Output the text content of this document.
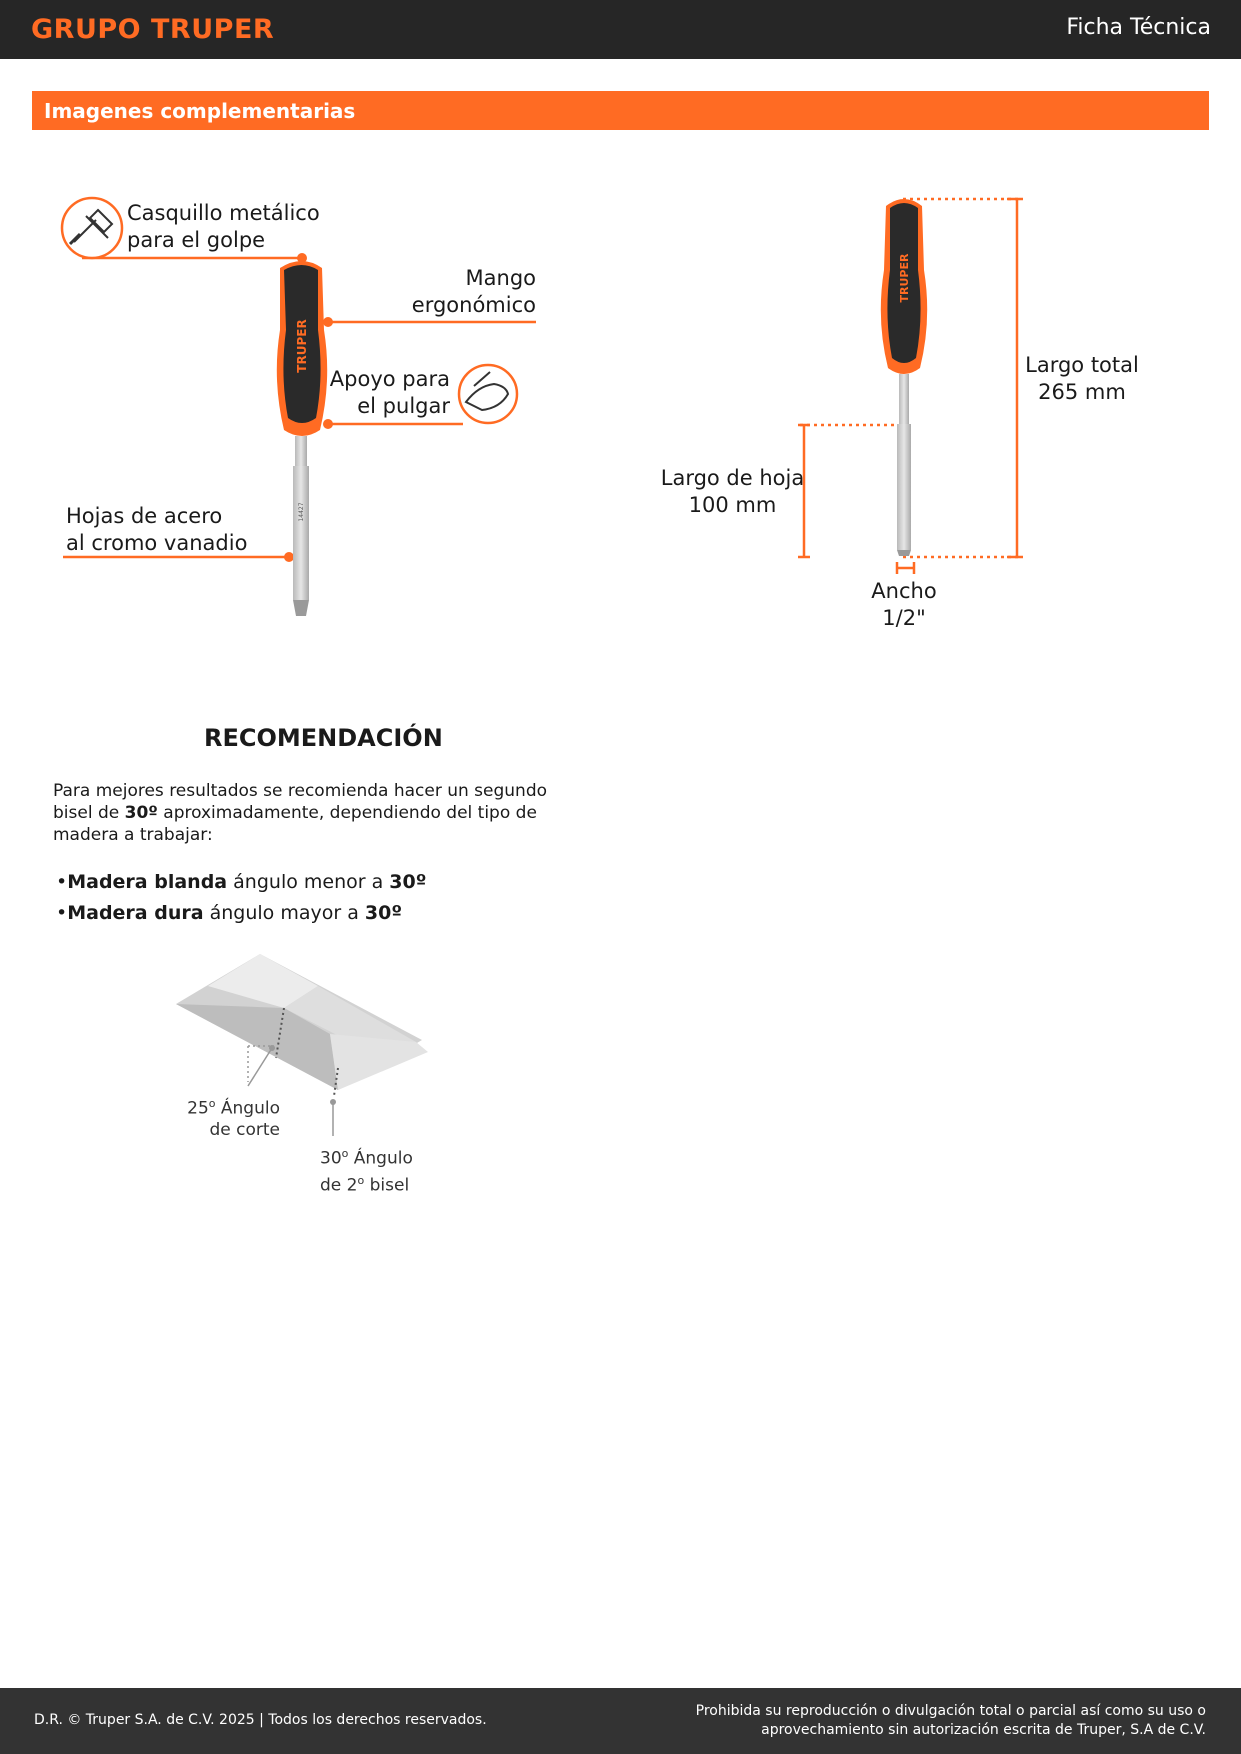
GRUPO TRUPER	Ficha Técnica
Imagenes complementarias
TRUPER
14427
Casquillo metálico
para el golpe
Mango
ergonómico
Apoyo para
el pulgar
Hojas de acero
al cromo vanadio
TRUPER
Largo total
265 mm
Largo de hoja
100 mm
Ancho
1/2"
RECOMENDACIÓN

Para mejores resultados se recomienda hacer un segundo bisel de 30º aproximadamente, dependiendo del tipo de madera a trabajar:

•Madera blanda ángulo menor a 30º
•Madera dura ángulo mayor a 30º
25$^o$ Ángulo
de corte
30$^o$ Ángulo
de 2$^o$ bisel
D.R. © Truper S.A. de C.V. 2025 | Todos los derechos reservados.
Prohibida su reproducción o divulgación total o parcial así como su uso o
aprovechamiento sin autorización escrita de Truper, S.A de C.V.
